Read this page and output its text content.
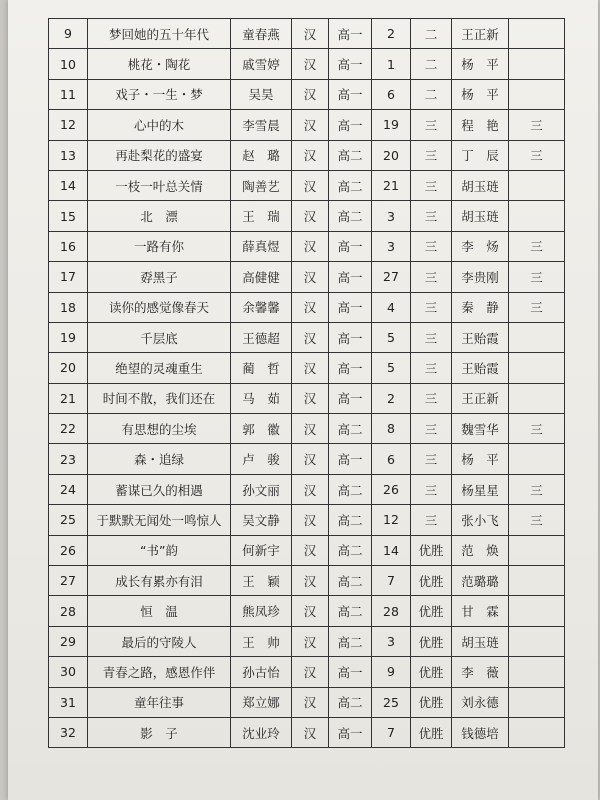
9	梦回她的五十年代	童春燕	汉	高一	2	二	王正新	
10	桃花・陶花	戚雪婷	汉	高一	1	二	杨　平	
11	戏子・一生・梦	吴昊	汉	高一	6	二	杨　平	
12	心中的木	李雪晨	汉	高一	19	三	程　艳	三
13	再赴梨花的盛宴	赵　璐	汉	高二	20	三	丁　辰	三
14	一枝一叶总关情	陶善艺	汉	高二	21	三	胡玉琏	
15	北　漂	王　瑞	汉	高二	3	三	胡玉琏	
16	一路有你	薛真煜	汉	高一	3	三	李　炀	三
17	孬黑子	高健健	汉	高一	27	三	李贵刚	三
18	读你的感觉像春天	余馨馨	汉	高一	4	三	秦　静	三
19	千层底	王德超	汉	高一	5	三	王贻霞	
20	绝望的灵魂重生	蔺　哲	汉	高一	5	三	王贻霞	
21	时间不散，我们还在	马　茹	汉	高一	2	三	王正新	
22	有思想的尘埃	郭　徽	汉	高二	8	三	魏雪华	三
23	森・追绿	卢　骏	汉	高一	6	三	杨　平	
24	蓄谋已久的相遇	孙文丽	汉	高二	26	三	杨星星	三
25	于默默无闻处一鸣惊人	吴文静	汉	高二	12	三	张小飞	三
26	“书”韵	何新宇	汉	高二	14	优胜	范　焕	
27	成长有累亦有泪	王　颖	汉	高二	7	优胜	范璐璐	
28	恒　温	熊凤珍	汉	高二	28	优胜	甘　霖	
29	最后的守陵人	王　帅	汉	高二	3	优胜	胡玉琏	
30	青春之路，感恩作伴	孙古怡	汉	高一	9	优胜	李　薇	
31	童年往事	郑立娜	汉	高二	25	优胜	刘永德	
32	影　子	沈业玲	汉	高一	7	优胜	钱德培	
